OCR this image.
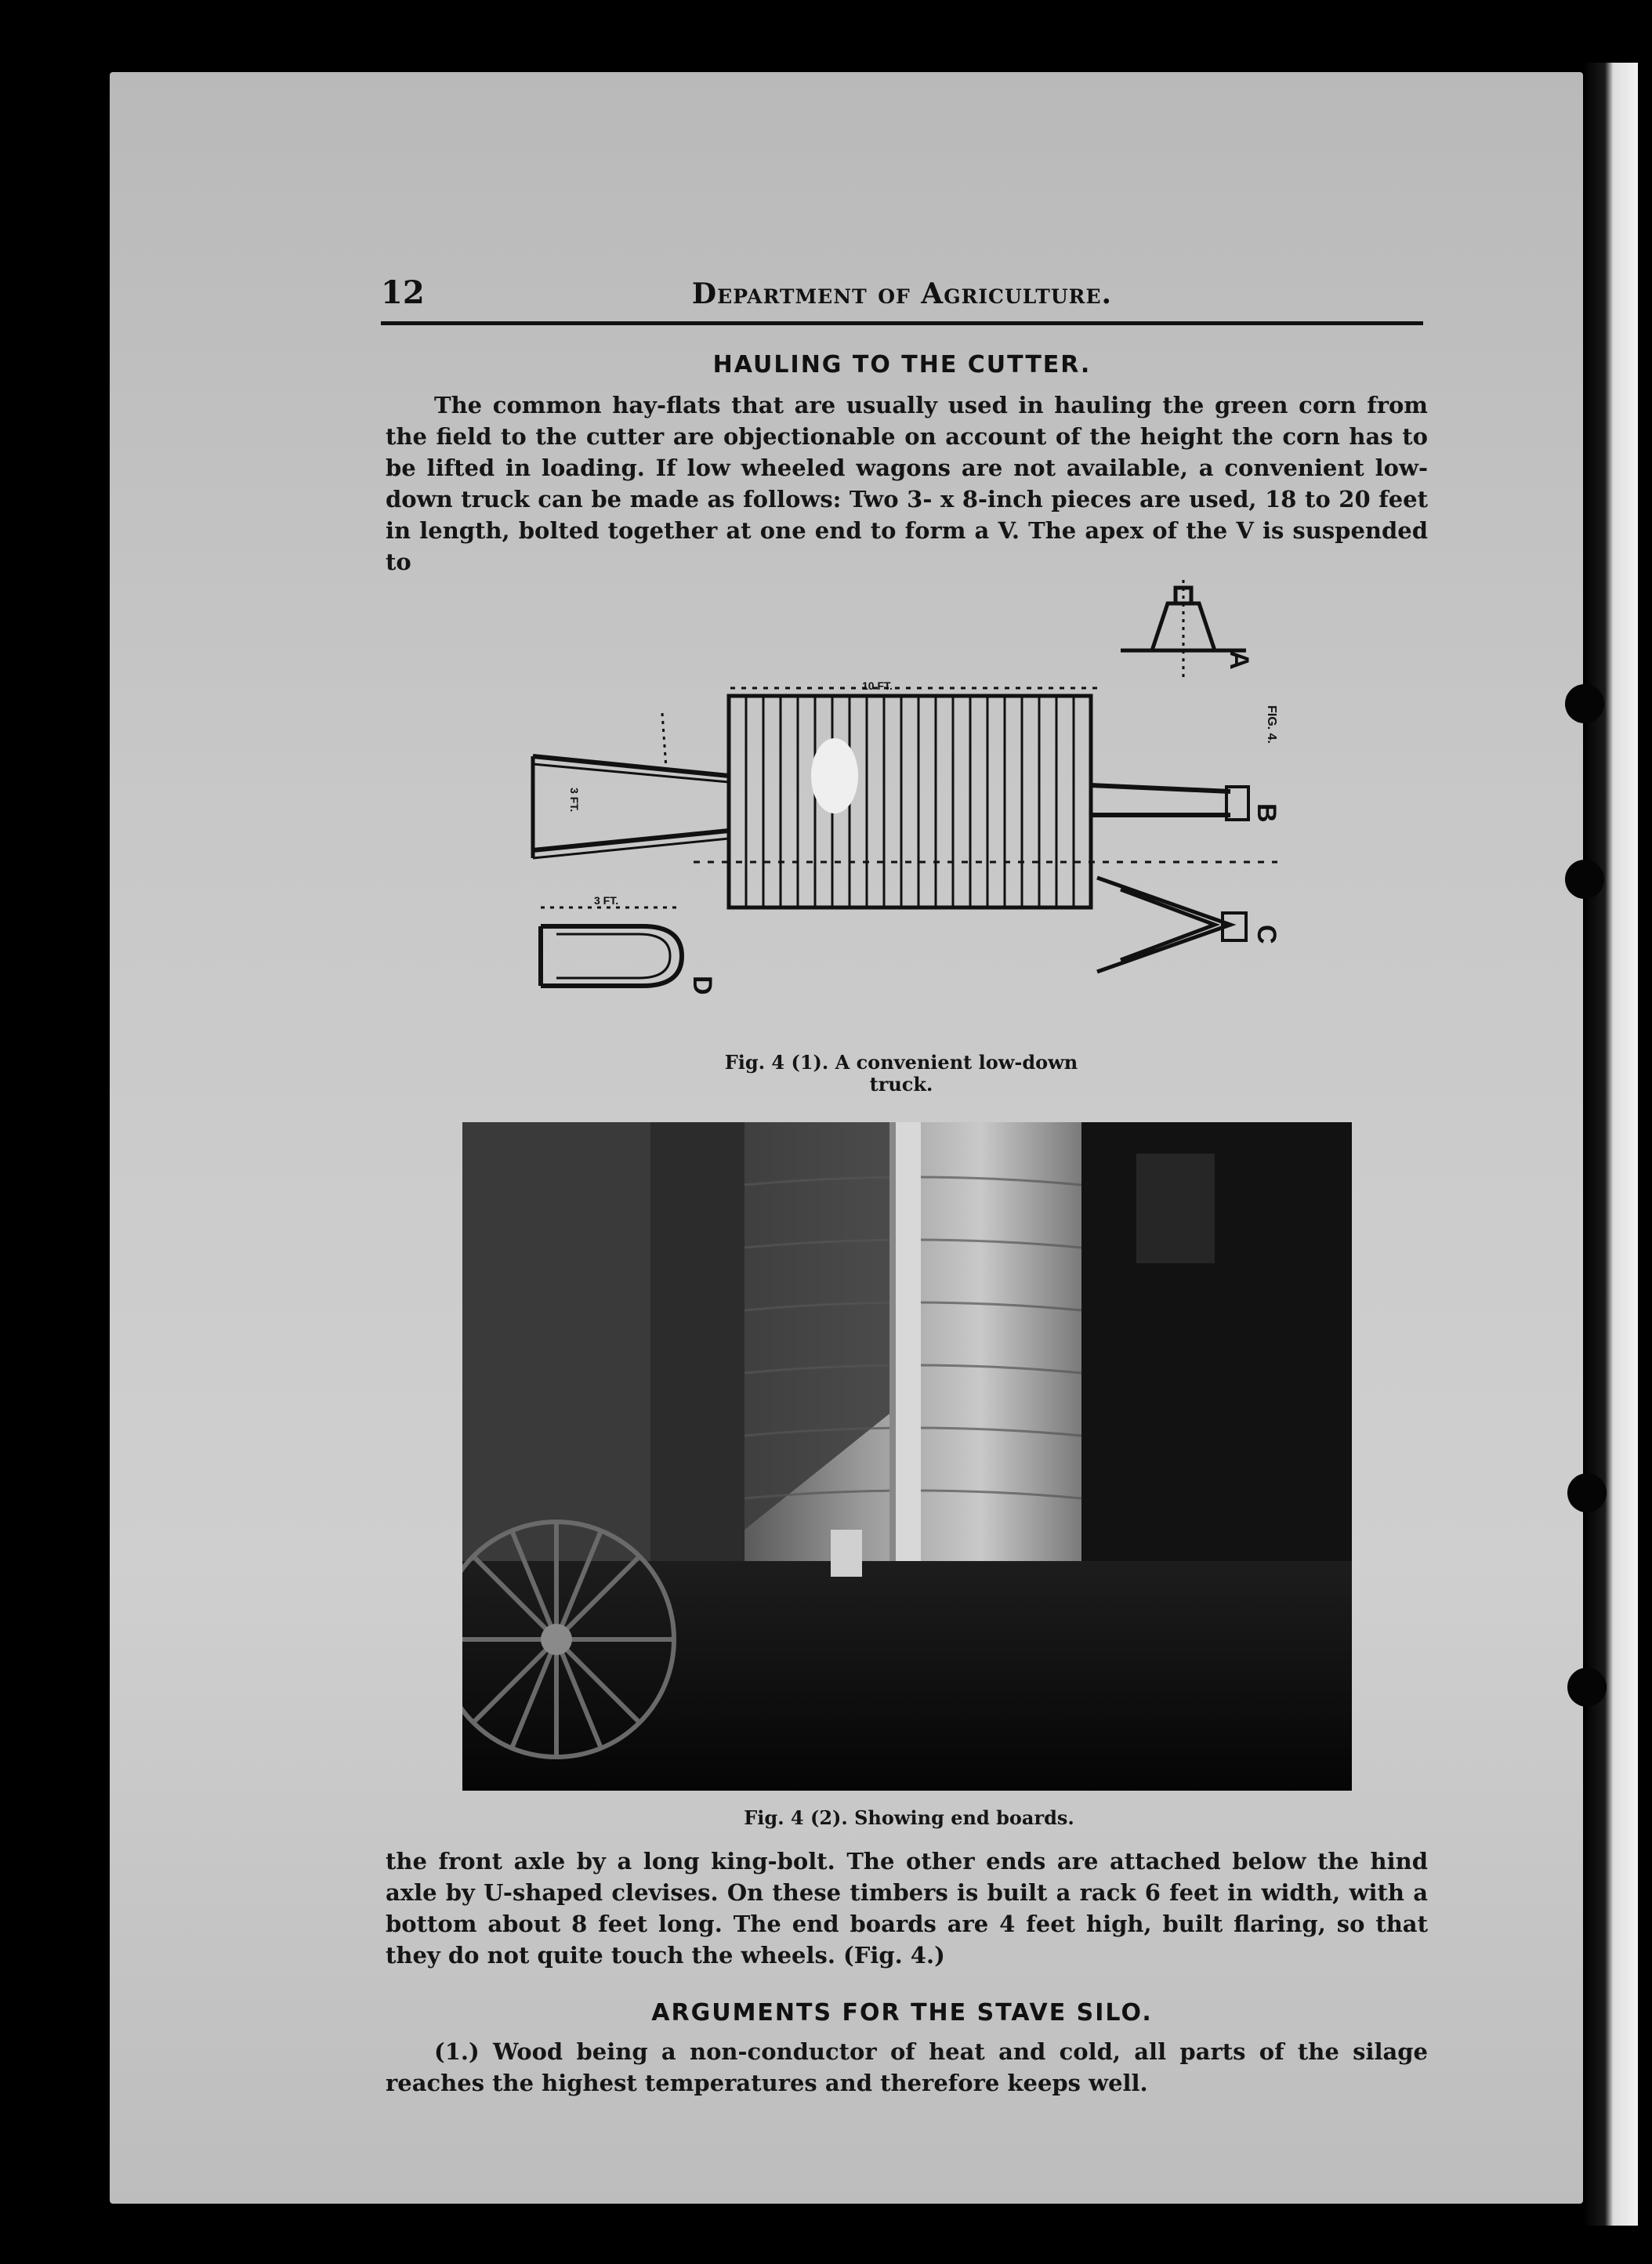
12	Department of Agriculture.
HAULING TO THE CUTTER.
The common hay-flats that are usually used in hauling the green corn from the field to the cutter are objectionable on account of the height the corn has to be lifted in loading. If low wheeled wagons are not available, a convenient low-down truck can be made as follows: Two 3- x 8-inch pieces are used, 18 to 20 feet in length, bolted together at one end to form a V. The apex of the V is suspended to
A
B
C
D
FIG. 4.
10 FT.
3 FT.
3 FT.
Fig. 4 (1). A convenient low-down
truck.
Fig. 4 (2). Showing end boards.
the front axle by a long king-bolt. The other ends are attached below the hind axle by U-shaped clevises. On these timbers is built a rack 6 feet in width, with a bottom about 8 feet long. The end boards are 4 feet high, built flaring, so that they do not quite touch the wheels. (Fig. 4.)
ARGUMENTS FOR THE STAVE SILO.
(1.) Wood being a non-conductor of heat and cold, all parts of the silage reaches the highest temperatures and therefore keeps well.
